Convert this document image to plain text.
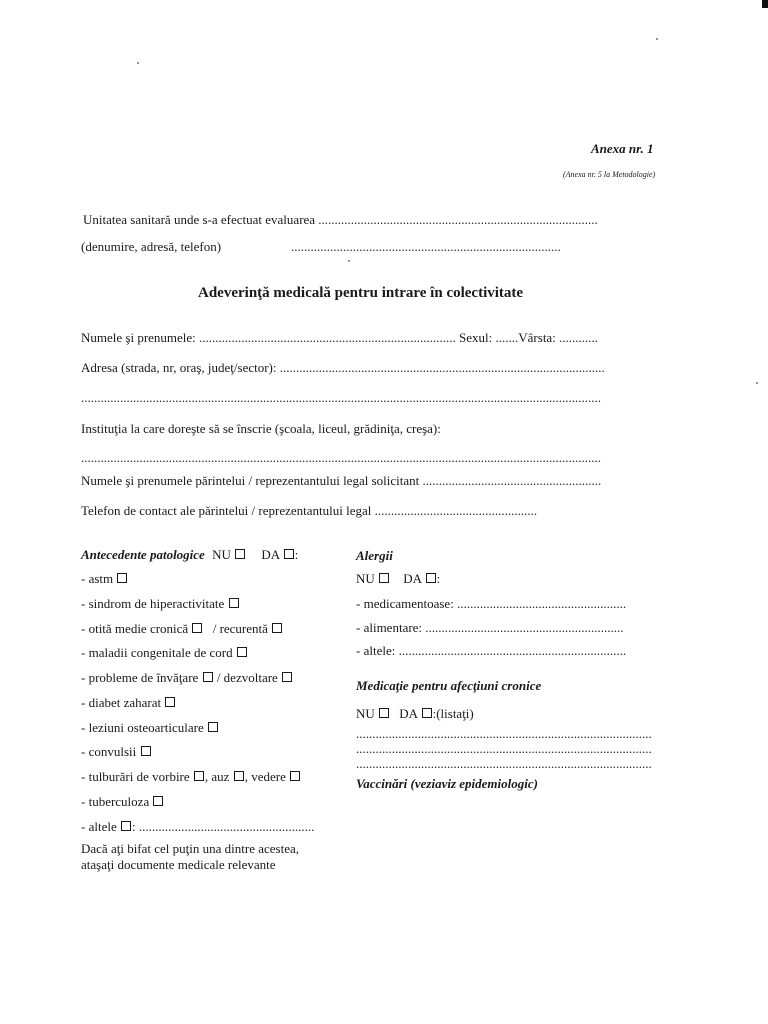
Anexa nr. 1
(Anexa nr. 5 la Metodologie)
Unitatea sanitară unde s-a efectuat evaluarea ......................................................................................
(denumire, adresă, telefon)	...................................................................................
Adeverinţă medicală pentru intrare în colectivitate
Numele şi prenumele: ............................................................................... Sexul: .......Vârsta: ............
Adresa (strada, nr, oraş, judeţ/sector): ....................................................................................................
................................................................................................................................................................
Instituţia la care doreşte să se înscrie (şcoala, liceul, grădiniţa, creşa):
................................................................................................................................................................
Numele şi prenumele părintelui / reprezentantului legal solicitant .......................................................
Telefon de contact ale părintelui / reprezentantului legal ..................................................
Antecedente patologice NU DA :
- astm
- sindrom de hiperactivitate
- otită medie cronică / recurentă
- maladii congenitale de cord
- probleme de învăţare / dezvoltare
- diabet zaharat
- leziuni osteoarticulare
- convulsii
- tulburări de vorbire , auz , vedere
- tuberculoza
- altele : ......................................................
Dacă aţi bifat cel puţin una dintre acestea,
ataşaţi documente medicale relevante
Alergii
NU DA :
- medicamentoase: ....................................................
- alimentare: .............................................................
- altele: ......................................................................
Medicaţie pentru afecţiuni cronice
NU DA :(listaţi)
...........................................................................................
...........................................................................................
...........................................................................................
Vaccinări (veziaviz epidemiologic)
